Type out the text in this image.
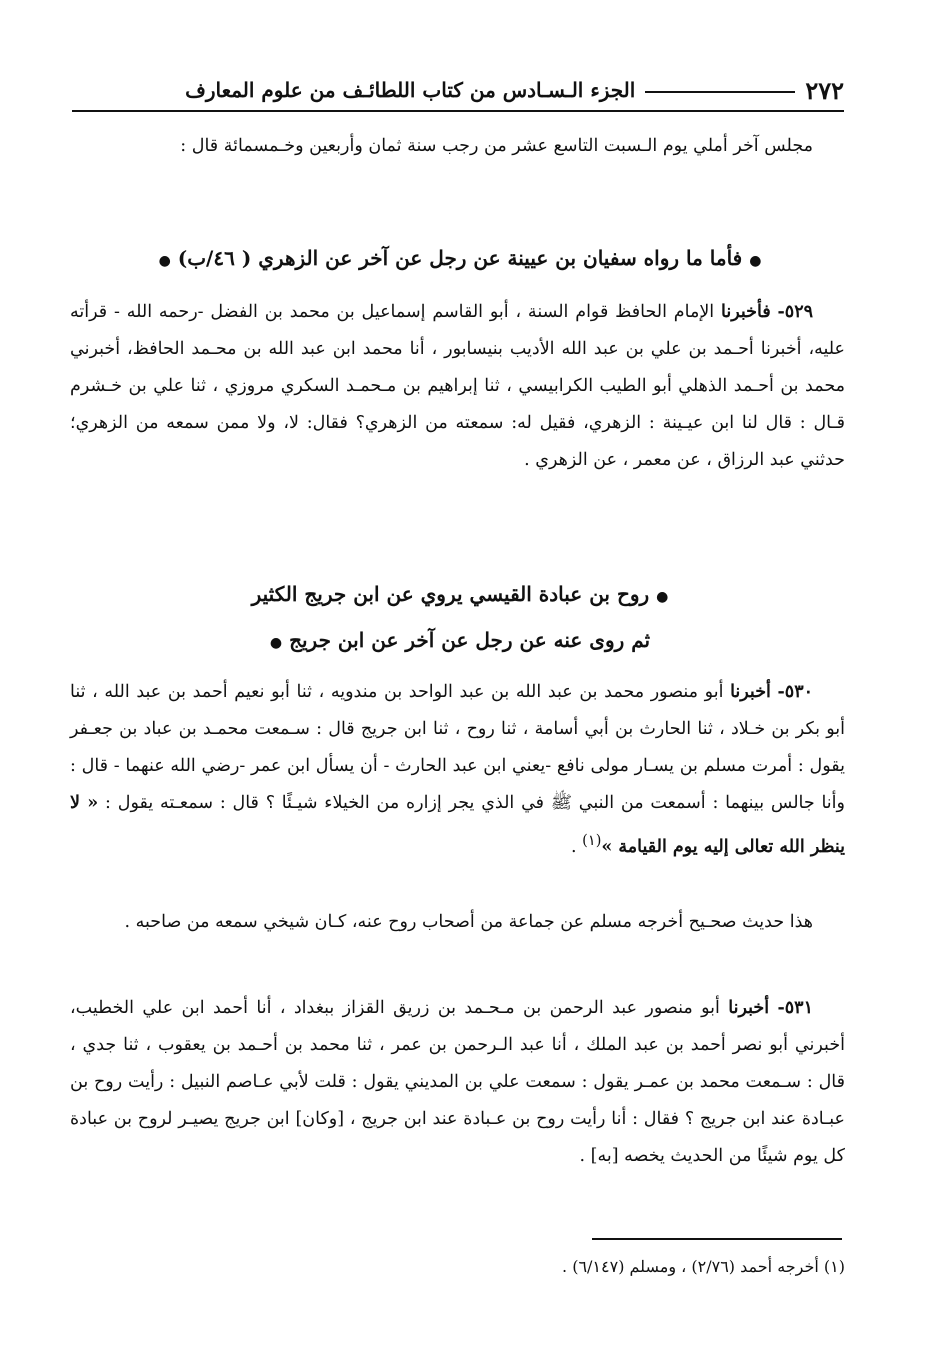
٢٧٢
الجزء الـسـادس من كتاب اللطائـف من علوم المعارف

مجلس آخر أملي يوم الـسبت التاسع عشر من رجب سنة ثمان وأربعين وخـمسمائة قال :

● فأما ما رواه سفيان بن عيينة عن رجل عن آخر عن الزهري ( ٤٦/ب) ●

٥٢٩- فأخبرنا الإمام الحافظ قوام السنة ، أبو القاسم إسماعيل بن محمد بن الفضل -رحمه الله - قرأته عليه، أخبرنا أحـمد بن علي بن عبد الله الأديب بنيسابور ، أنا محمد ابن عبد الله بن محـمد الحافظ، أخبرني محمد بن أحـمد الذهلي أبو الطيب الكرابيسي ، ثنا إبراهيم بن مـحمـد السكري مروزي ، ثنا علي بن خـشرم قـال : قال لنا ابن عيـينة : الزهري، فقيل له: سمعته من الزهري؟ فقال: لا، ولا ممن سمعه من الزهري؛ حدثني عبد الرزاق ، عن معمر ، عن الزهري .

● روح بن عبادة القيسي يروي عن ابن جريج الكثير

ثم روى عنه عن رجل عن آخر عن ابن جريج ●

٥٣٠- أخبرنا أبو منصور محمد بن عبد الله بن عبد الواحد بن مندويه ، ثنا أبو نعيم أحمد بن عبد الله ، ثنا أبو بكر بن خـلاد ، ثنا الحارث بن أبي أسامة ، ثنا روح ، ثنا ابن جريج قال : سـمعت محمـد بن عباد بن جعـفر يقول : أمرت مسلم بن يسـار مولى نافع -يعني ابن عبد الحارث - أن يسأل ابن عمر -رضي الله عنهما - قال : وأنا جالس بينهما : أسمعت من النبي ﷺ في الذي يجر إزاره من الخيلاء شيـئًا ؟ قال : سمعـته يقول : « لا ينظر الله تعالى إليه يوم القيامة »$^{(١)}$ .

هذا حديث صحـيح أخرجه مسلم عن جماعة من أصحاب روح عنه، كـان شيخي سمعه من صاحبه .

٥٣١- أخبرنا أبو منصور عبد الرحمن بن مـحـمد بن زريق القزاز ببغداد ، أنا أحمد ابن علي الخطيب، أخبرني أبو نصر أحمد بن عبد الملك ، أنا عبد الـرحمن بن عمر ، ثنا محمد بن أحـمد بن يعقوب ، ثنا جدي ، قال : سـمعت محمد بن عمـر يقول : سمعت علي بن المديني يقول : قلت لأبي عـاصم النبيل : رأيت روح بن عبـادة عند ابن جريج ؟ فقال : أنا رأيت روح بن عـبادة عند ابن جريج ، [وكان] ابن جريج يصيـر لروح بن عبادة كل يوم شيئًا من الحديث يخصه [به] .

(١) أخرجه أحمد (٢/٧٦) ، ومسلم (٦/١٤٧) .
